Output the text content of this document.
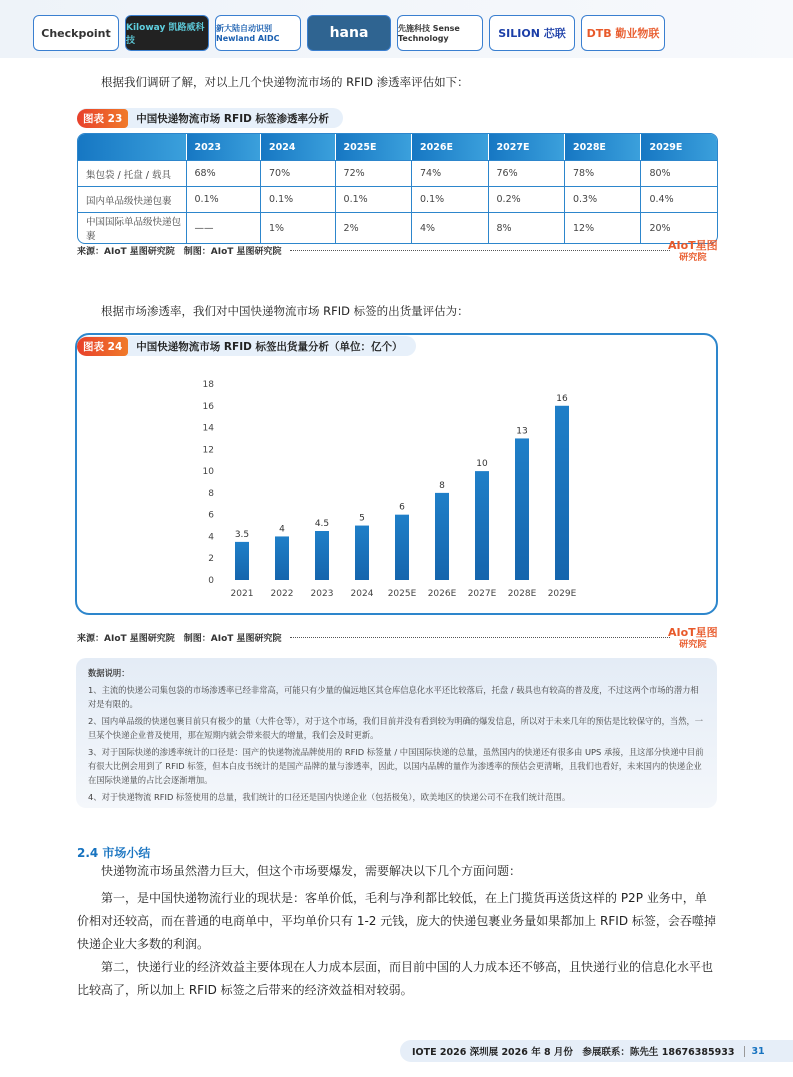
Checkpoint Kiloway 凯路威科技
新大陆自动识别 Newland AIDC	hana	先施科技 Sense Technology	SILION 芯联 DTB 勤业物联
根据我们调研了解，对以上几个快递物流市场的 RFID 渗透率评估如下：
图表 23	中国快递物流市场 RFID 标签渗透率分析
	2023	2024	2025E	2026E	2027E	2028E	2029E
集包袋 / 托盘 / 载具	68%	70%	72%	74%	76%	78%	80%
国内单品级快递包裹	0.1%	0.1%	0.1%	0.1%	0.2%	0.3%	0.4%
中国国际单品级快递包裹	——	1%	2%	4%	8%	12%	20%
来源：AIoT 星图研究院　制图：AIoT 星图研究院	AIoT星图
研究院
根据市场渗透率，我们对中国快递物流市场 RFID 标签的出货量评估为：
图表 24	中国快递物流市场 RFID 标签出货量分析（单位：亿个）
0
2
4
6
8
10
12
14
16
18
3.5
2021
4
2022
4.5
2023
5
2024
6
2025E
8
2026E
10
2027E
13
2028E
16
2029E
来源：AIoT 星图研究院　制图：AIoT 星图研究院	AIoT星图
研究院
数据说明：
1、主流的快递公司集包袋的市场渗透率已经非常高，可能只有少量的偏远地区其仓库信息化水平还比较落后，托盘 / 载具也有较高的普及度，不过这两个市场的潜力相对是有限的。
2、国内单品级的快递包裹目前只有极少的量（大件仓等），对于这个市场，我们目前并没有看到较为明确的爆发信息，所以对于未来几年的预估是比较保守的，当然，一旦某个快递企业普及使用，那在短期内就会带来很大的增量，我们会及时更新。
3、对于国际快递的渗透率统计的口径是：国产的快递物流品牌使用的 RFID 标签量 / 中国国际快递的总量，虽然国内的快递还有很多由 UPS 承接，且这部分快递中目前有很大比例会用到了 RFID 标签，但本白皮书统计的是国产品牌的量与渗透率，因此，以国内品牌的量作为渗透率的预估会更清晰，且我们也看好，未来国内的快递企业在国际快递量的占比会逐渐增加。
4、对于快递物流 RFID 标签使用的总量，我们统计的口径还是国内快递企业（包括极兔），欧美地区的快递公司不在我们统计范围。
2.4 市场小结
快递物流市场虽然潜力巨大，但这个市场要爆发，需要解决以下几个方面问题：
第一，是中国快递物流行业的现状是：客单价低，毛利与净利都比较低，在上门揽货再送货这样的 P2P 业务中，单价相对还较高，而在普通的电商单中，平均单价只有 1-2 元钱，庞大的快递包裹业务量如果都加上 RFID 标签，会吞噬掉快递企业大多数的利润。
第二，快递行业的经济效益主要体现在人力成本层面，而目前中国的人力成本还不够高，且快递行业的信息化水平也比较高了，所以加上 RFID 标签之后带来的经济效益相对较弱。
IOTE 2026 深圳展 2026 年 8 月份　参展联系：陈先生 18676385933	31
